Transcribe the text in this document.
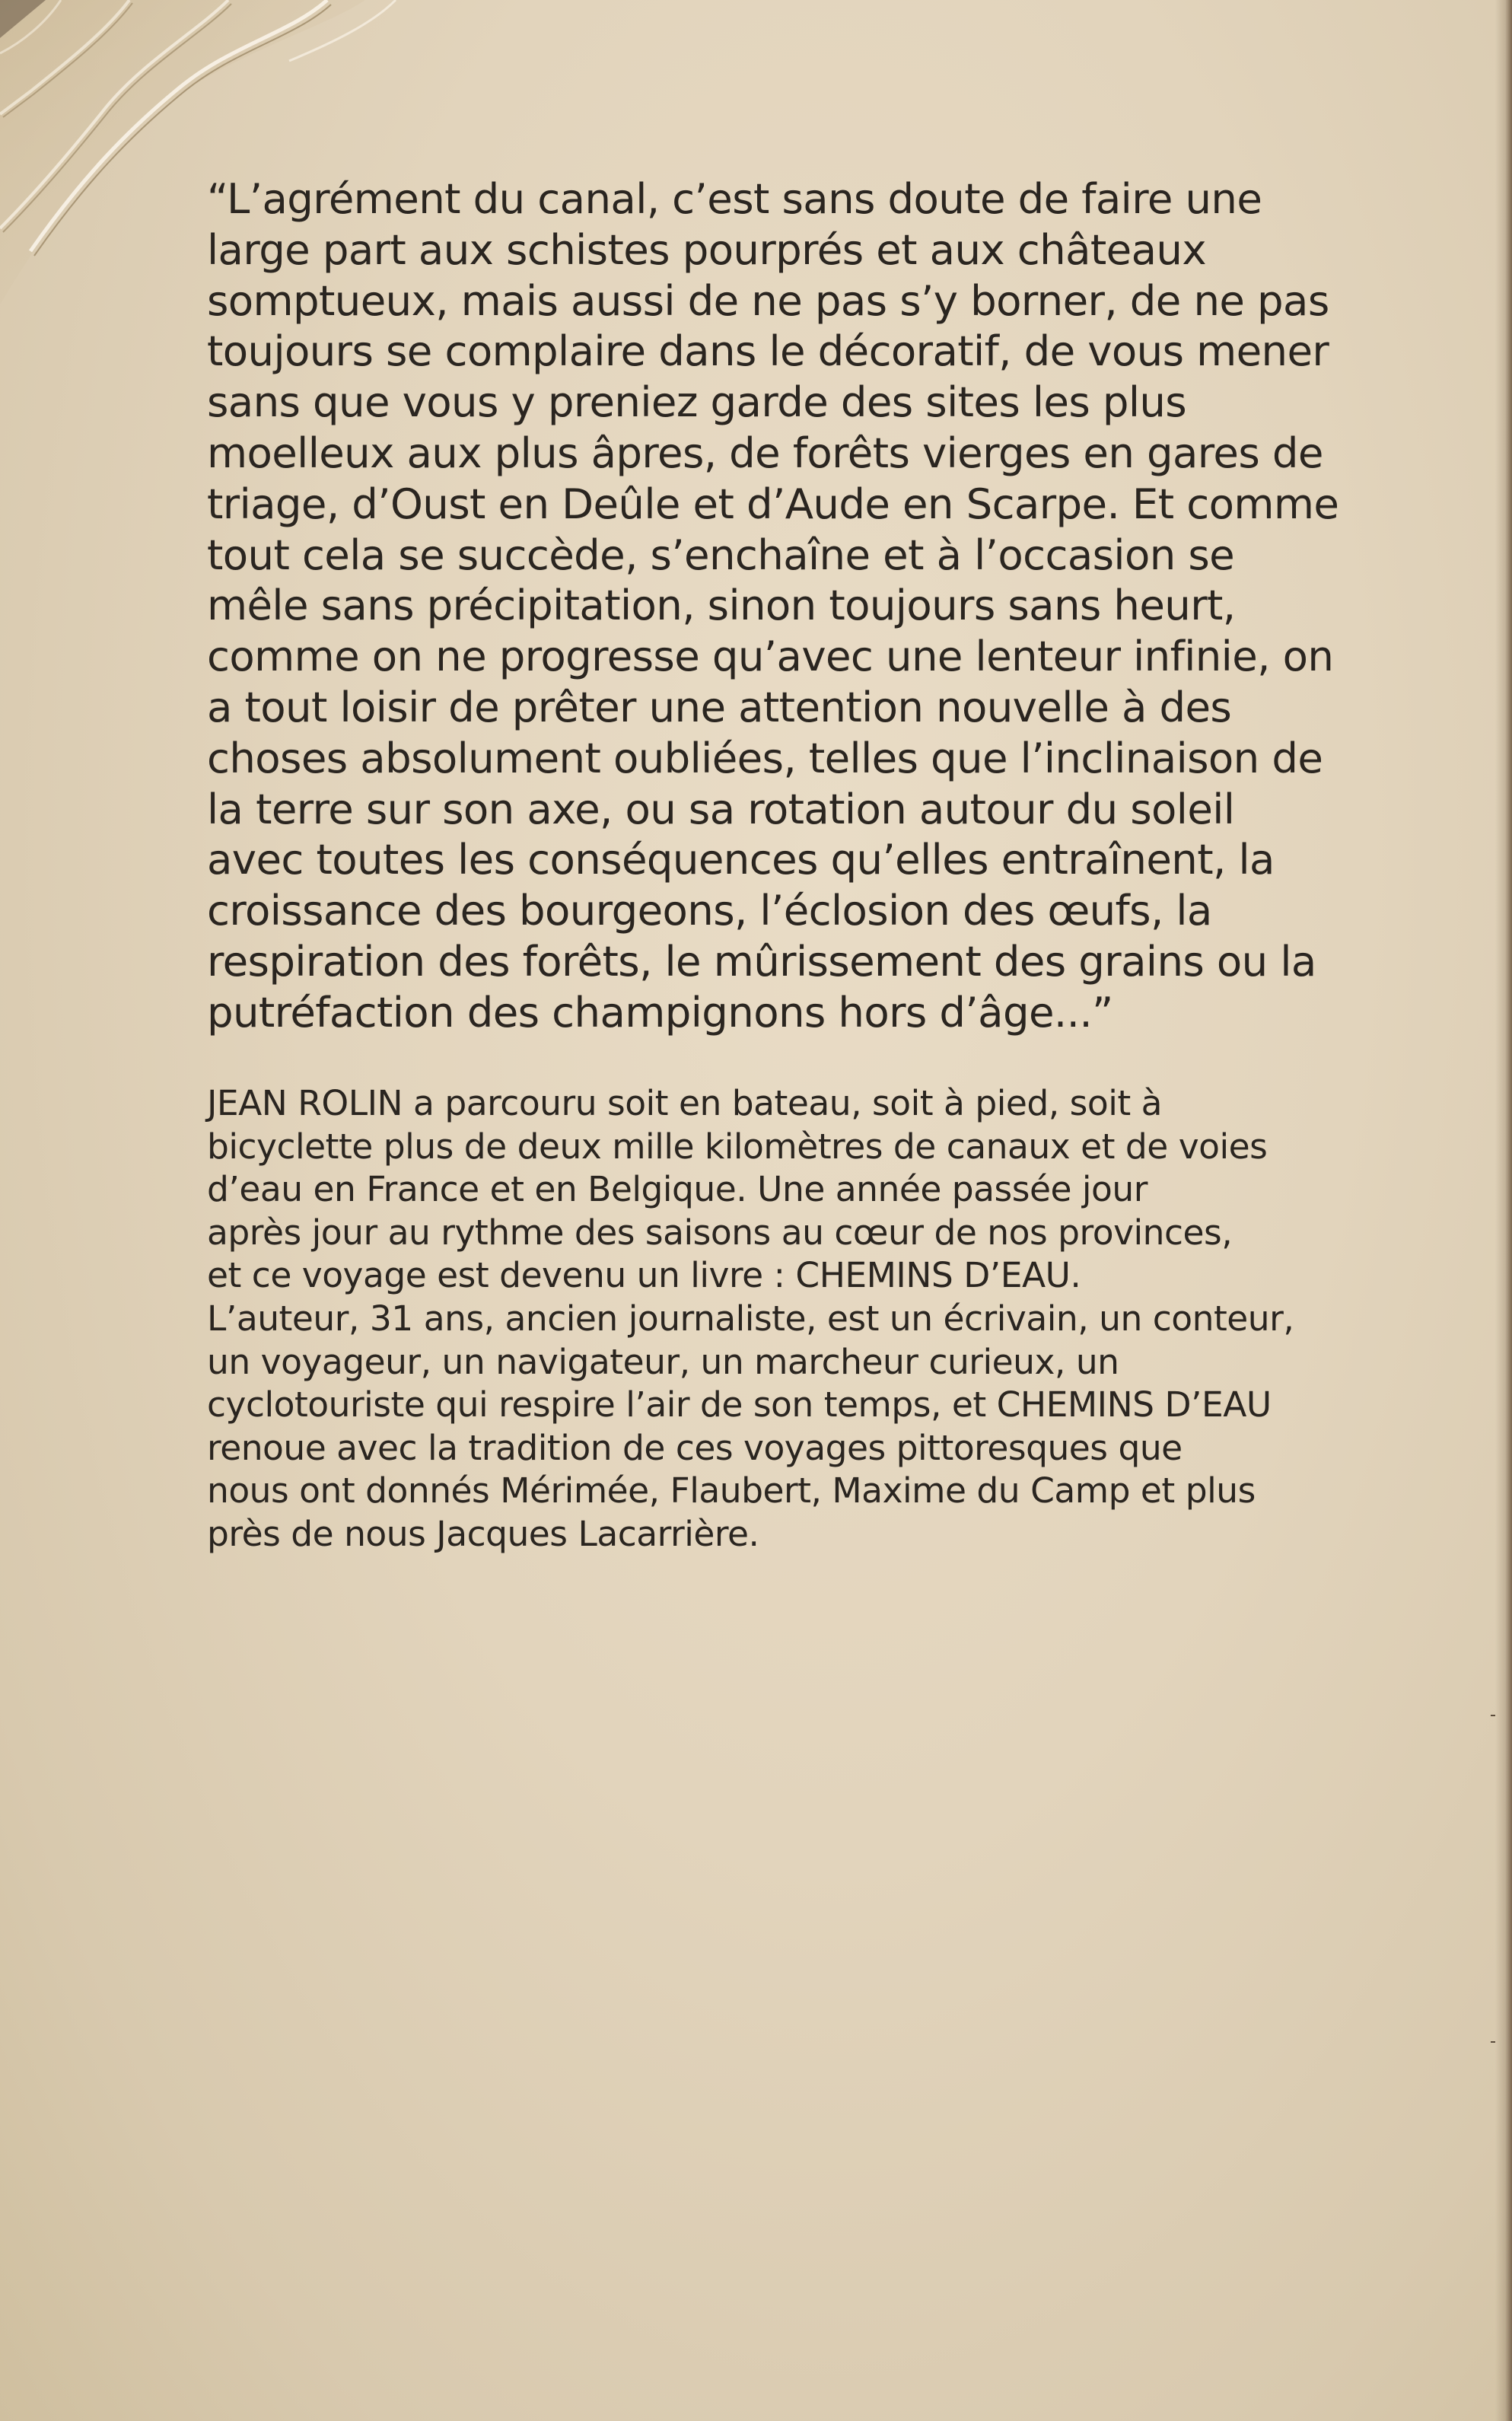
“L’agrément du canal, c’est sans doute de faire une
large part aux schistes pourprés et aux châteaux
somptueux, mais aussi de ne pas s’y borner, de ne pas
toujours se complaire dans le décoratif, de vous mener
sans que vous y preniez garde des sites les plus
moelleux aux plus âpres, de forêts vierges en gares de
triage, d’Oust en Deûle et d’Aude en Scarpe. Et comme
tout cela se succède, s’enchaîne et à l’occasion se
mêle sans précipitation, sinon toujours sans heurt,
comme on ne progresse qu’avec une lenteur infinie, on
a tout loisir de prêter une attention nouvelle à des
choses absolument oubliées, telles que l’inclinaison de
la terre sur son axe, ou sa rotation autour du soleil
avec toutes les conséquences qu’elles entraînent, la
croissance des bourgeons, l’éclosion des œufs, la
respiration des forêts, le mûrissement des grains ou la
putréfaction des champignons hors d’âge...”

JEAN ROLIN a parcouru soit en bateau, soit à pied, soit à
bicyclette plus de deux mille kilomètres de canaux et de voies
d’eau en France et en Belgique. Une année passée jour
après jour au rythme des saisons au cœur de nos provinces,
et ce voyage est devenu un livre : CHEMINS D’EAU.
L’auteur, 31 ans, ancien journaliste, est un écrivain, un conteur,
un voyageur, un navigateur, un marcheur curieux, un
cyclotouriste qui respire l’air de son temps, et CHEMINS D’EAU
renoue avec la tradition de ces voyages pittoresques que
nous ont donnés Mérimée, Flaubert, Maxime du Camp et plus
près de nous Jacques Lacarrière.
